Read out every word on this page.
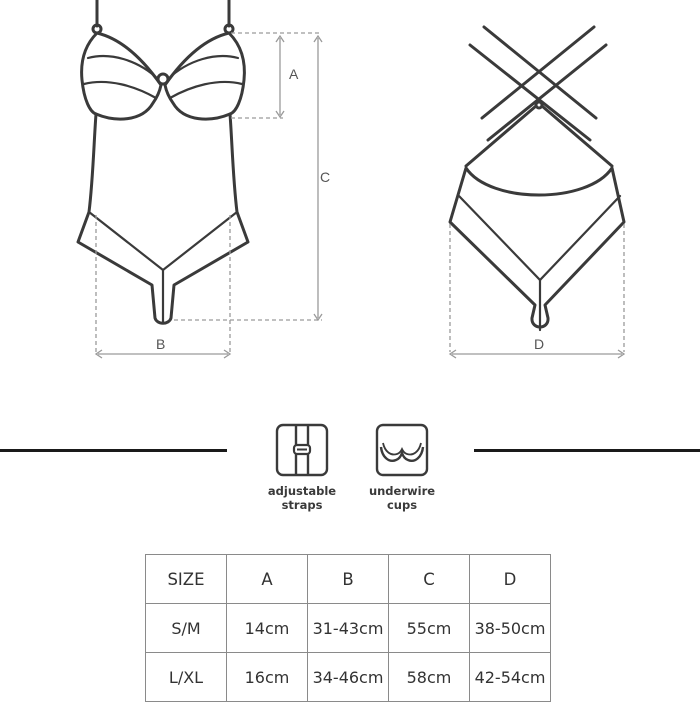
A
C
B	D
adjustable
straps
underwire
cups
SIZE	A	B	C	D
S/M	14cm	31-43cm	55cm	38-50cm
L/XL	16cm	34-46cm	58cm	42-54cm
